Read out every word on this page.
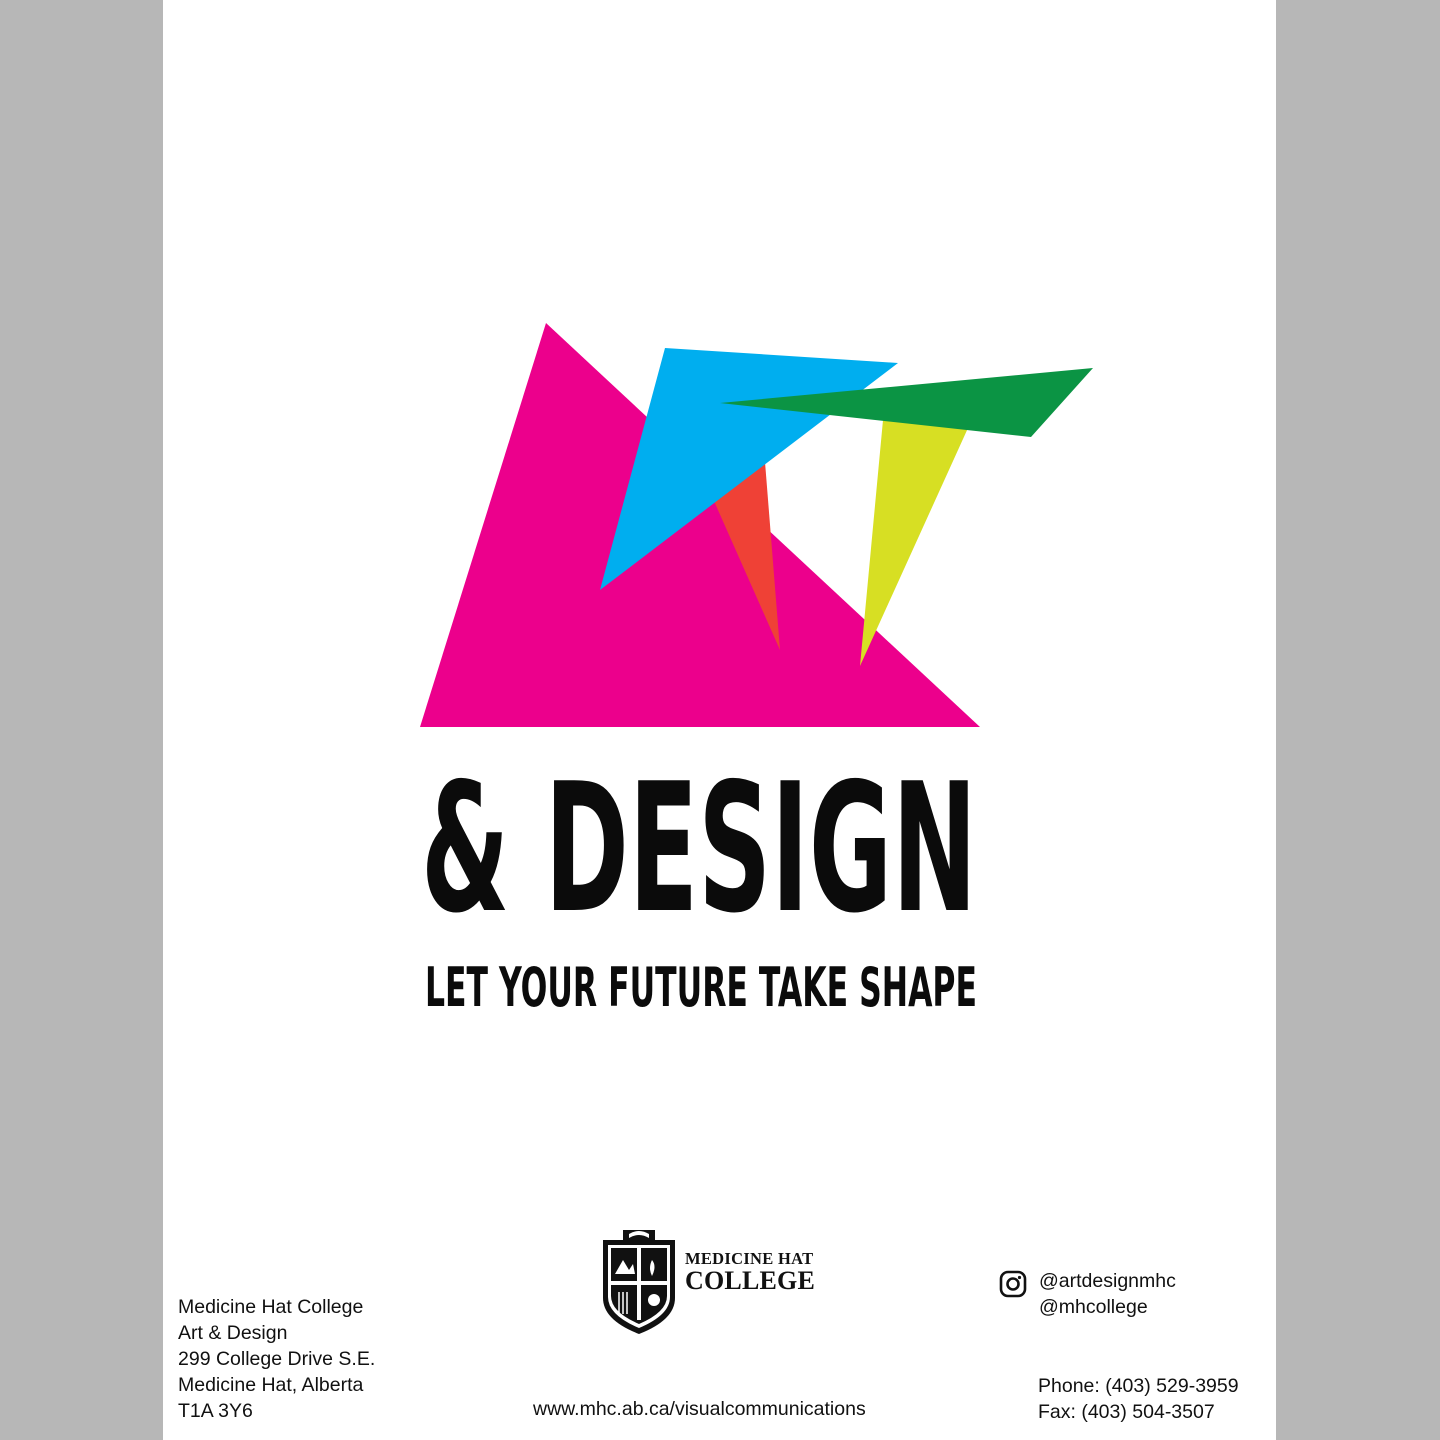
& DESIGN
LET YOUR FUTURE TAKE SHAPE
Medicine Hat College
Art & Design
299 College Drive S.E.
Medicine Hat, Alberta
T1A 3Y6
MEDICINE HAT
COLLEGE
www.mhc.ab.ca/visualcommunications
@artdesignmhc
@mhcollege
Phone: (403) 529-3959
Fax: (403) 504-3507
